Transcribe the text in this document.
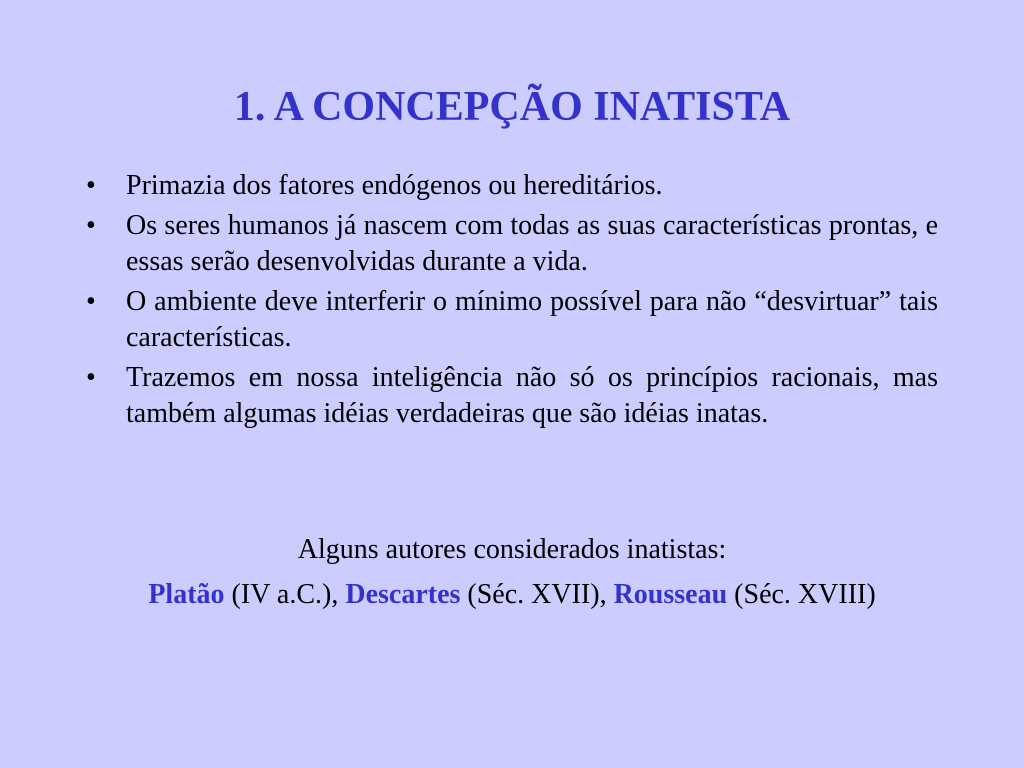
1. A CONCEPÇÃO INATISTA
•	Primazia dos fatores endógenos ou hereditários.
•	Os seres humanos já nascem com todas as suas características prontas, e essas serão desenvolvidas durante a vida.
•	O ambiente deve interferir o mínimo possível para não “desvirtuar” tais características.
•	Trazemos em nossa inteligência não só os princípios racionais, mas também algumas idéias verdadeiras que são idéias inatas.

Alguns autores considerados inatistas:

Platão (IV a.C.), Descartes (Séc. XVII), Rousseau (Séc. XVIII)
